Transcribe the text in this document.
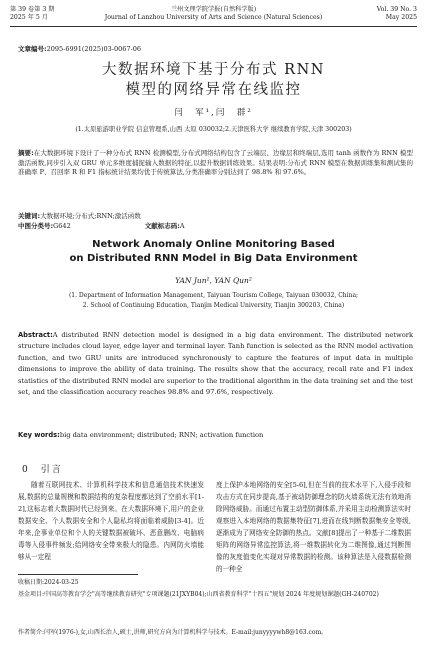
第 39 卷第 3 期
2025 年 5 月
兰州文理学院学报(自然科学版)
Journal of Lanzhou University of Arts and Science (Natural Sciences)
Vol. 39 No. 3
May 2025
文章编号:2095-6991(2025)03-0067-06
大数据环境下基于分布式 RNN
模型的网络异常在线监控
闫　军¹,闫　群²
(1.太原旅游职业学院 信息管理系,山西 太原 030032;2.天津医科大学 继续教育学院,天津 300203)
摘要:在大数据环境下设计了一种分布式 RNN 检测模型,分布式网络结构包含了云端层、边缘层和终端层,选用 tanh 函数作为 RNN 模型激活函数,同步引入双 GRU 单元多维度捕捉输入数据的特征,以提升数据训练效果。结果表明:分布式 RNN 模型在数据训练集和测试集的准确率 P、召回率 R 和 F1 指标统计结果均优于传统算法,分类准确率分别达到了 98.8% 和 97.6%。
关键词:大数据环境;分布式;RNN;激活函数
中图分类号:G642	文献标志码:A
Network Anomaly Online Monitoring Based
on Distributed RNN Model in Big Data Environment
YAN Jun¹, YAN Qun²
(1. Department of Information Management, Taiyuan Tourism College, Taiyuan 030032, China;
2. School of Continuing Education, Tianjin Medical University, Tianjin 300203, China)
Abstract:A distributed RNN detection model is designed in a big data environment. The distributed network structure includes cloud layer, edge layer and terminal layer. Tanh function is selected as the RNN model activation function, and two GRU units are introduced synchronously to capture the features of input data in multiple dimensions to improve the ability of data training. The results show that the accuracy, recall rate and F1 index statistics of the distributed RNN model are superior to the traditional algorithm in the data training set and the test set, and the classification accuracy reaches 98.8% and 97.6%, respectively.
Key words:big data environment; distributed; RNN; activation function
0　引言

随着互联网技术、计算机科学技术和信息通信技术快速发展,数据的总量规模和数据结构的复杂程度都达到了空前水平[1-2],这标志着大数据时代已经到来。在大数据环境下,用户的企业数据安全、个人数据安全和个人隐私均将面临着威胁[3-4]。近年来,企事业单位和个人的关键数据被破坏、恶意删改、电脑病毒等入侵事件频发;给网络安全带来极大的隐患。内网防火墙能够从一定程

度上保护本地网络的安全[5-6],但在当前的技术水平下,入侵手段和攻击方式在同步提高,基于被动防御理念的防火墙系统无法有效地消除网络威胁。而通过布置主动型防御体系,并采用主动检测算法实时观察进入本地网络的数据集特征[7],进而在线判断数据集安全等级,逐渐成为了网络安全防御的热点。文献[8]提出了一种基于二维数据矩阵的网络异常监控算法,将一维数据转化为二维图像,通过判断图像的灰度值变化实现对异常数据的检测。该种算法是入侵数据检测的一种全

收稿日期:2024-03-25
基金项目:中国高等教育学会"高等继续教育研究"专项课题(21JXYB04);山西省教育科学"十四五"规划 2024 年度规划课题(GH-240702)
作者简介:闫军(1976-),女,山西长治人,硕士,讲师,研究方向为计算机科学与技术。E-mail:junyyyywh8@163.com。
